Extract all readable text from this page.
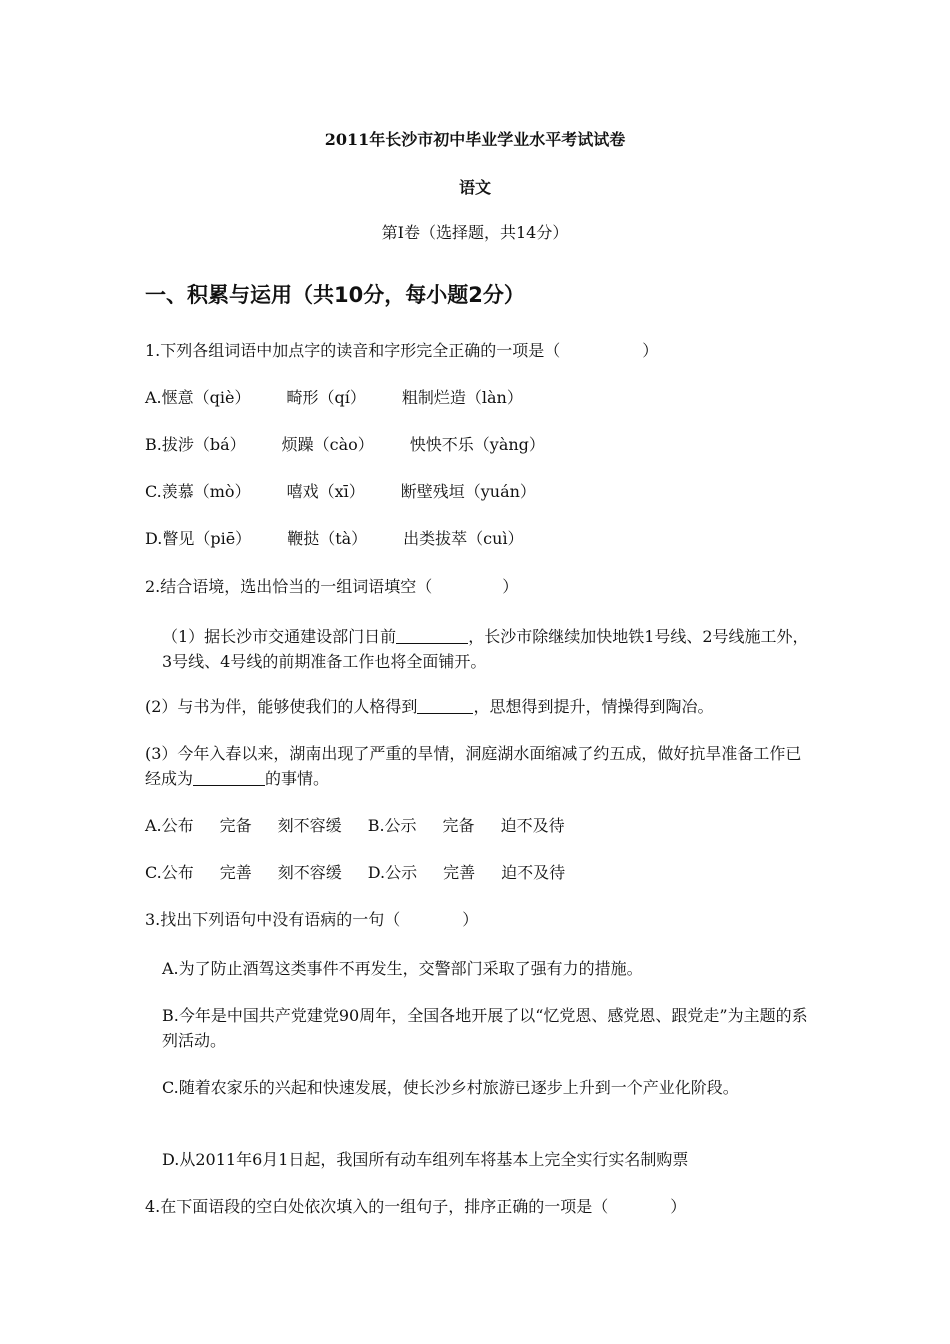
2011年长沙市初中毕业学业水平考试试卷
语文
第Ⅰ卷（选择题，共14分）
一、积累与运用（共10分，每小题2分）
1.下列各组词语中加点字的读音和字形完全正确的一项是（	）
A.惬意（qiè） 畸形（qí） 粗制烂造（làn）
B.拔涉（bá） 烦躁（cào） 怏怏不乐（yàng）
C.羡慕（mò） 嘻戏（xī） 断壁残垣（yuán）
D.瞥见（piē） 鞭挞（tà） 出类拔萃（cuì）
2.结合语境，选出恰当的一组词语填空（	）
（1）据长沙市交通建设部门日前	，长沙市除继续加快地铁1号线、2号线施工外，3号线、4号线的前期准备工作也将全面铺开。
(2）与书为伴，能够使我们的人格得到	，思想得到提升，情操得到陶冶。
(3）今年入春以来，湖南出现了严重的旱情，洞庭湖水面缩减了约五成，做好抗旱准备工作已经成为	的事情。
A.公布 完备 刻不容缓 B.公示 完备 迫不及待
C.公布 完善 刻不容缓 D.公示 完善 迫不及待
3.找出下列语句中没有语病的一句（	）
A.为了防止酒驾这类事件不再发生，交警部门采取了强有力的措施。
B.今年是中国共产党建党90周年，全国各地开展了以“忆党恩、感党恩、跟党走”为主题的系列活动。
C.随着农家乐的兴起和快速发展，使长沙乡村旅游已逐步上升到一个产业化阶段。
D.从2011年6月1日起，我国所有动车组列车将基本上完全实行实名制购票
4.在下面语段的空白处依次填入的一组句子，排序正确的一项是（	）
